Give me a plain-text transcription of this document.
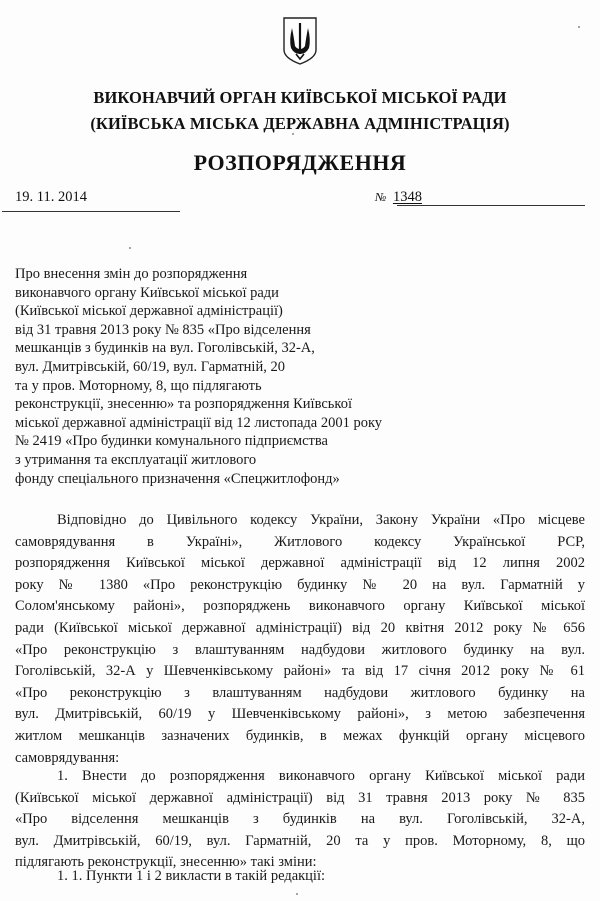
ВИКОНАВЧИЙ ОРГАН КИЇВСЬКОЇ МІСЬКОЇ РАДИ
(КИЇВСЬКА МІСЬКА ДЕРЖАВНА АДМІНІСТРАЦІЯ)
РОЗПОРЯДЖЕННЯ
19. 11. 2014	№ 1348
Про внесення змін до розпорядження
виконавчого органу Київської міської ради
(Київської міської державної адміністрації)
від 31 травня 2013 року № 835 «Про відселення
мешканців з будинків на вул. Гоголівській, 32-А,
вул. Дмитрівській, 60/19, вул. Гарматній, 20
та у пров. Моторному, 8, що підлягають
реконструкції, знесенню» та розпорядження Київської
міської державної адміністрації від 12 листопада 2001 року
№ 2419 «Про будинки комунального підприємства
з утримання та експлуатації житлового
фонду спеціального призначення «Спецжитлофонд»
Відповідно до Цивільного кодексу України, Закону України «Про місцеве
самоврядування в Україні», Житлового кодексу Української РСР,
розпорядження Київської міської державної адміністрації від 12 липня 2002
року № 1380 «Про реконструкцію будинку № 20 на вул. Гарматній у
Солом'янському районі», розпоряджень виконавчого органу Київської міської
ради (Київської міської державної адміністрації) від 20 квітня 2012 року № 656
«Про реконструкцію з влаштуванням надбудови житлового будинку на вул.
Гоголівській, 32-А у Шевченківському районі» та від 17 січня 2012 року № 61
«Про реконструкцію з влаштуванням надбудови житлового будинку на
вул. Дмитрівській, 60/19 у Шевченківському районі», з метою забезпечення
житлом мешканців зазначених будинків, в межах функцій органу місцевого
самоврядування:
1. Внести до розпорядження виконавчого органу Київської міської ради
(Київської міської державної адміністрації) від 31 травня 2013 року № 835
«Про відселення мешканців з будинків на вул. Гоголівській, 32-А,
вул. Дмитрівській, 60/19, вул. Гарматній, 20 та у пров. Моторному, 8, що
підлягають реконструкції, знесенню» такі зміни:
1. 1. Пункти 1 і 2 викласти в такій редакції:
